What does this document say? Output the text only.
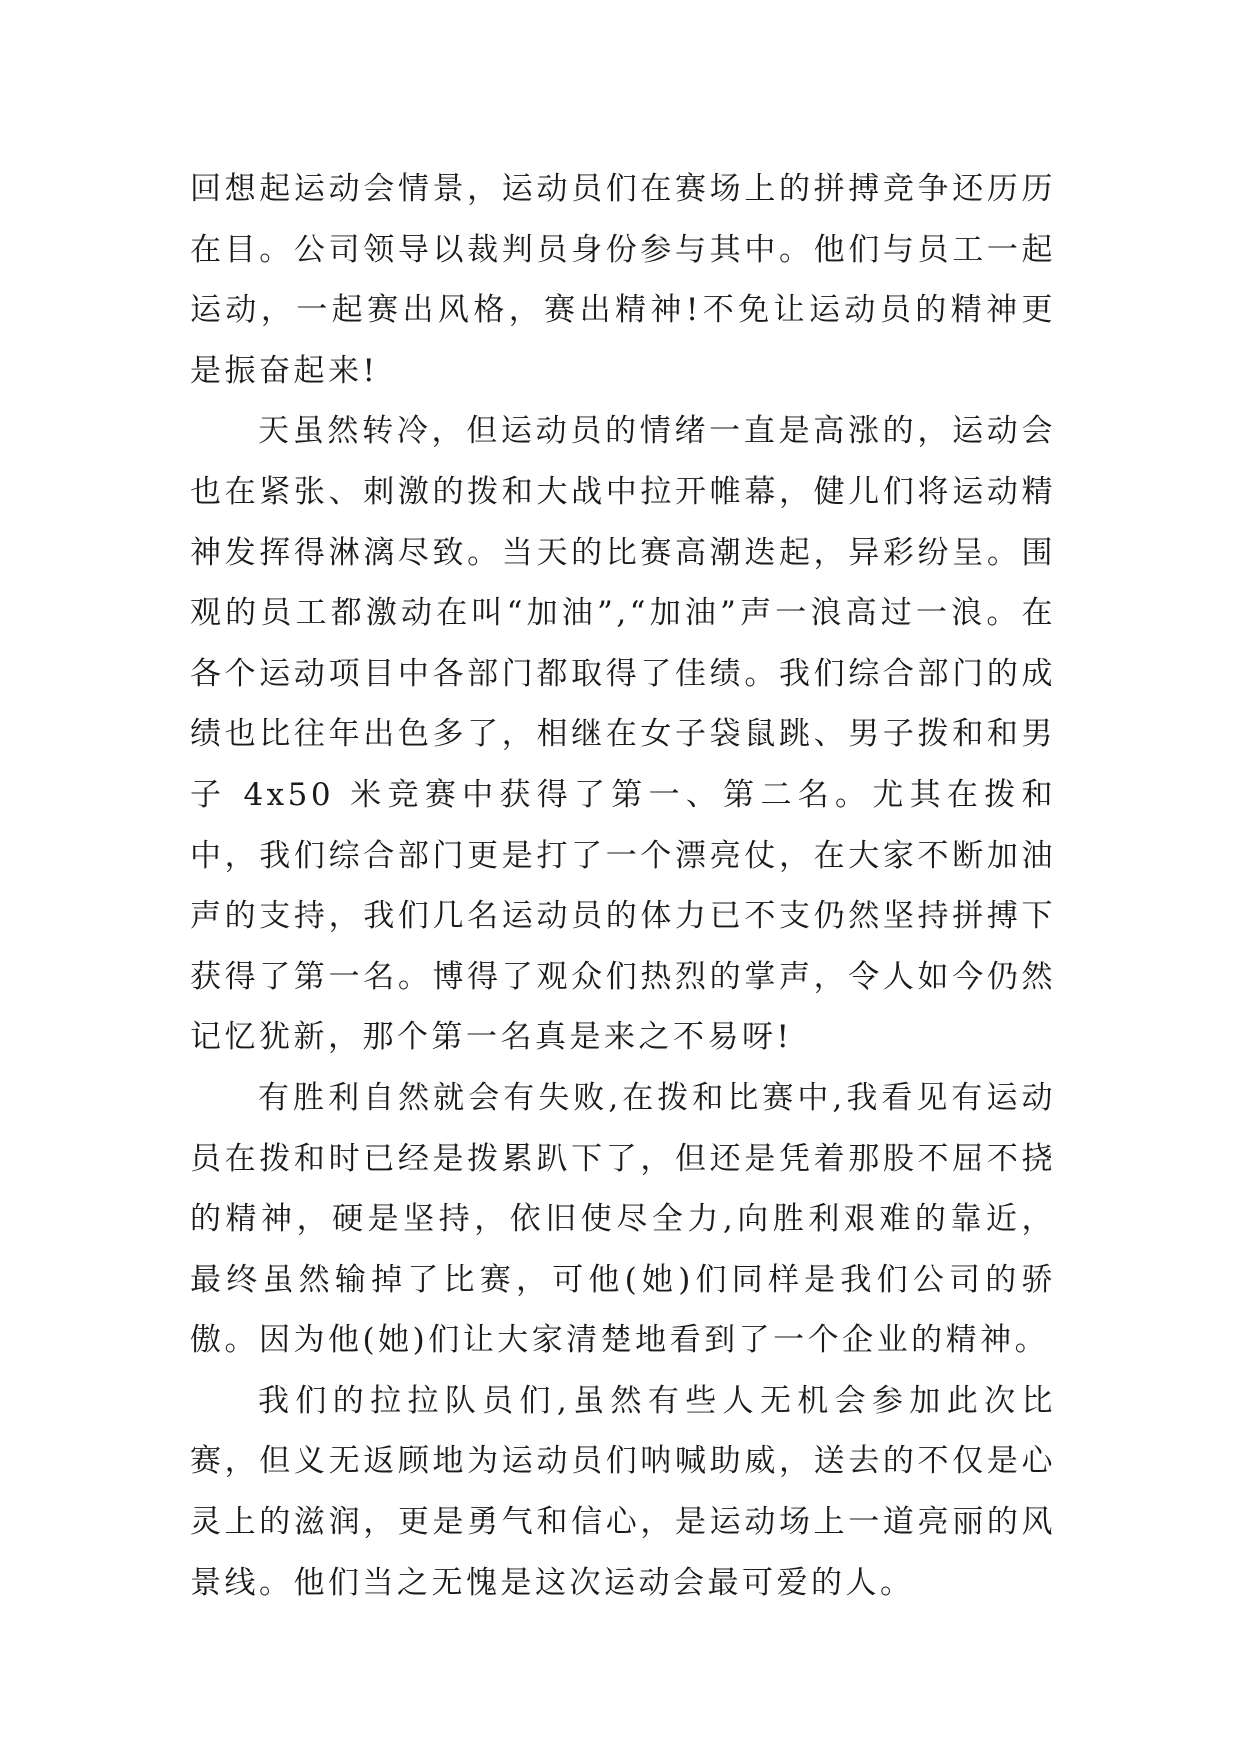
回想起运动会情景，运动员们在赛场上的拼搏竞争还历历在目。公司领导以裁判员身份参与其中。他们与员工一起运动，一起赛出风格，赛出精神!不免让运动员的精神更是振奋起来!

天虽然转冷，但运动员的情绪一直是高涨的，运动会也在紧张、刺激的拨和大战中拉开帷幕，健儿们将运动精神发挥得淋漓尽致。当天的比赛高潮迭起，异彩纷呈。围观的员工都激动在叫“加油”,“加油”声一浪高过一浪。在各个运动项目中各部门都取得了佳绩。我们综合部门的成绩也比往年出色多了，相继在女子袋鼠跳、男子拨和和男子 4x50 米竞赛中获得了第一、第二名。尤其在拨和中，我们综合部门更是打了一个漂亮仗，在大家不断加油声的支持，我们几名运动员的体力已不支仍然坚持拼搏下获得了第一名。博得了观众们热烈的掌声，令人如今仍然记忆犹新，那个第一名真是来之不易呀!

有胜利自然就会有失败,在拨和比赛中,我看见有运动员在拨和时已经是拨累趴下了，但还是凭着那股不屈不挠的精神，硬是坚持，依旧使尽全力,向胜利艰难的靠近，最终虽然输掉了比赛，可他(她)们同样是我们公司的骄傲。因为他(她)们让大家清楚地看到了一个企业的精神。

我们的拉拉队员们,虽然有些人无机会参加此次比赛，但义无返顾地为运动员们呐喊助威，送去的不仅是心灵上的滋润，更是勇气和信心，是运动场上一道亮丽的风景线。他们当之无愧是这次运动会最可爱的人。
